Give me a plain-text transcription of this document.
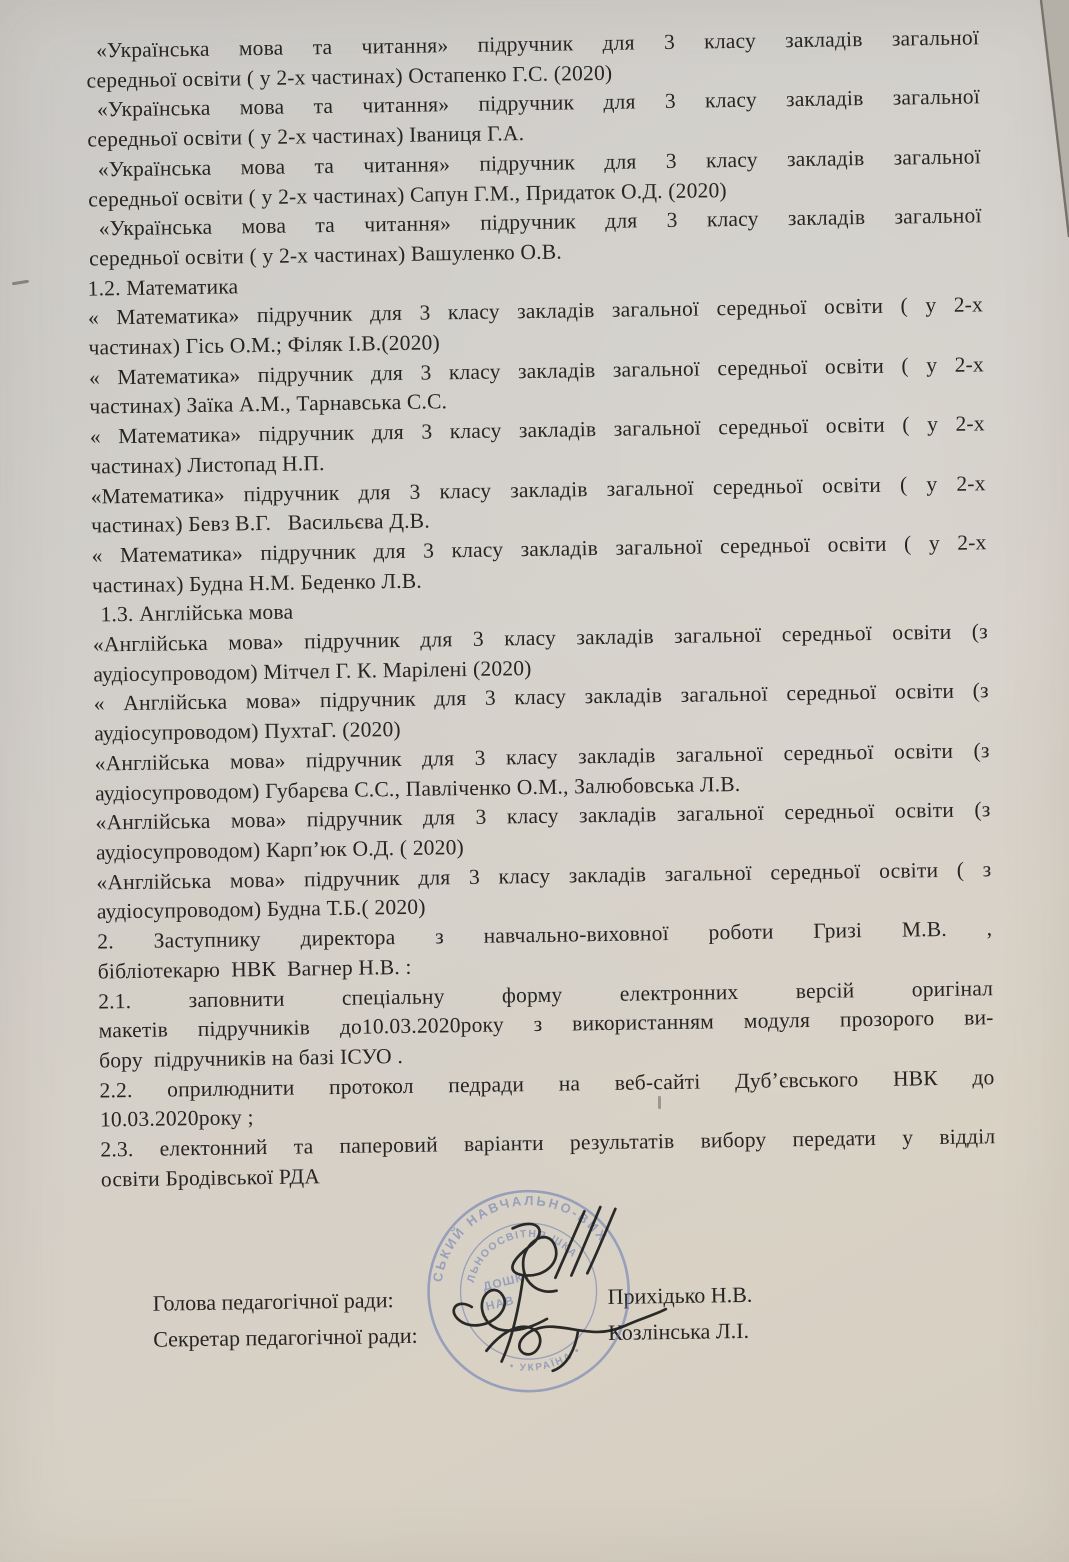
«Українська мова та читання» підручник для 3 класу закладів загальної
середньої освіти ( у 2-х частинах) Остапенко Г.С. (2020)
«Українська мова та читання» підручник для 3 класу закладів загальної
середньої освіти ( у 2-х частинах) Іваниця Г.А.
«Українська мова та читання» підручник для 3 класу закладів загальної
середньої освіти ( у 2-х частинах) Сапун Г.М., Придаток О.Д. (2020)
«Українська мова та читання» підручник для 3 класу закладів загальної
середньої освіти ( у 2-х частинах) Вашуленко О.В.
1.2. Математика
« Математика» підручник для 3 класу закладів загальної середньої освіти ( у 2-х
частинах) Гісь О.М.; Філяк І.В.(2020)
« Математика» підручник для 3 класу закладів загальної середньої освіти ( у 2-х
частинах) Заїка А.М., Тарнавська С.С.
« Математика» підручник для 3 класу закладів загальної середньої освіти ( у 2-х
частинах) Листопад Н.П.
«Математика» підручник для 3 класу закладів загальної середньої освіти ( у 2-х
частинах) Бевз В.Г.   Васильєва Д.В.
« Математика» підручник для 3 класу закладів загальної середньої освіти ( у 2-х
частинах) Будна Н.М. Беденко Л.В.
1.3. Англійська мова
«Англійська мова» підручник для 3 класу закладів загальної середньої освіти (з
аудіосупроводом) Мітчел Г. К. Марілені (2020)
« Англійська мова» підручник для 3 класу закладів загальної середньої освіти (з
аудіосупроводом) ПухтаГ. (2020)
«Англійська мова» підручник для 3 класу закладів загальної середньої освіти (з
аудіосупроводом) Губарєва С.С., Павліченко О.М., Залюбовська Л.В.
«Англійська мова» підручник для 3 класу закладів загальної середньої освіти (з
аудіосупроводом) Карп’юк О.Д. ( 2020)
«Англійська мова» підручник для 3 класу закладів загальної середньої освіти ( з
аудіосупроводом) Будна Т.Б.( 2020)
2. Заступнику директора з навчально-виховної роботи Гризі М.В. ,
бібліотекарю  НВК  Вагнер Н.В. :
2.1. заповнити спеціальну форму електронних версій оригінал
макетів підручників до10.03.2020року з використанням модуля прозорого ви-
бору  підручників на базі ІСУО .
2.2. оприлюднити протокол педради на веб-сайті Дуб’євського НВК до
10.03.2020року ;
2.3. електонний та паперовий варіанти результатів вибору передати у відділ
освіти Бродівської РДА
Голова педагогічної ради:	Прихідько Н.В.
Секретар педагогічної ради:	Козлінська Л.І.
СЬКИЙ НАВЧАЛЬНО-ВИХ
ЛЬНООСВІТНЯ ШКА
• УКРАЇНА •
ДОШК
НАВ
